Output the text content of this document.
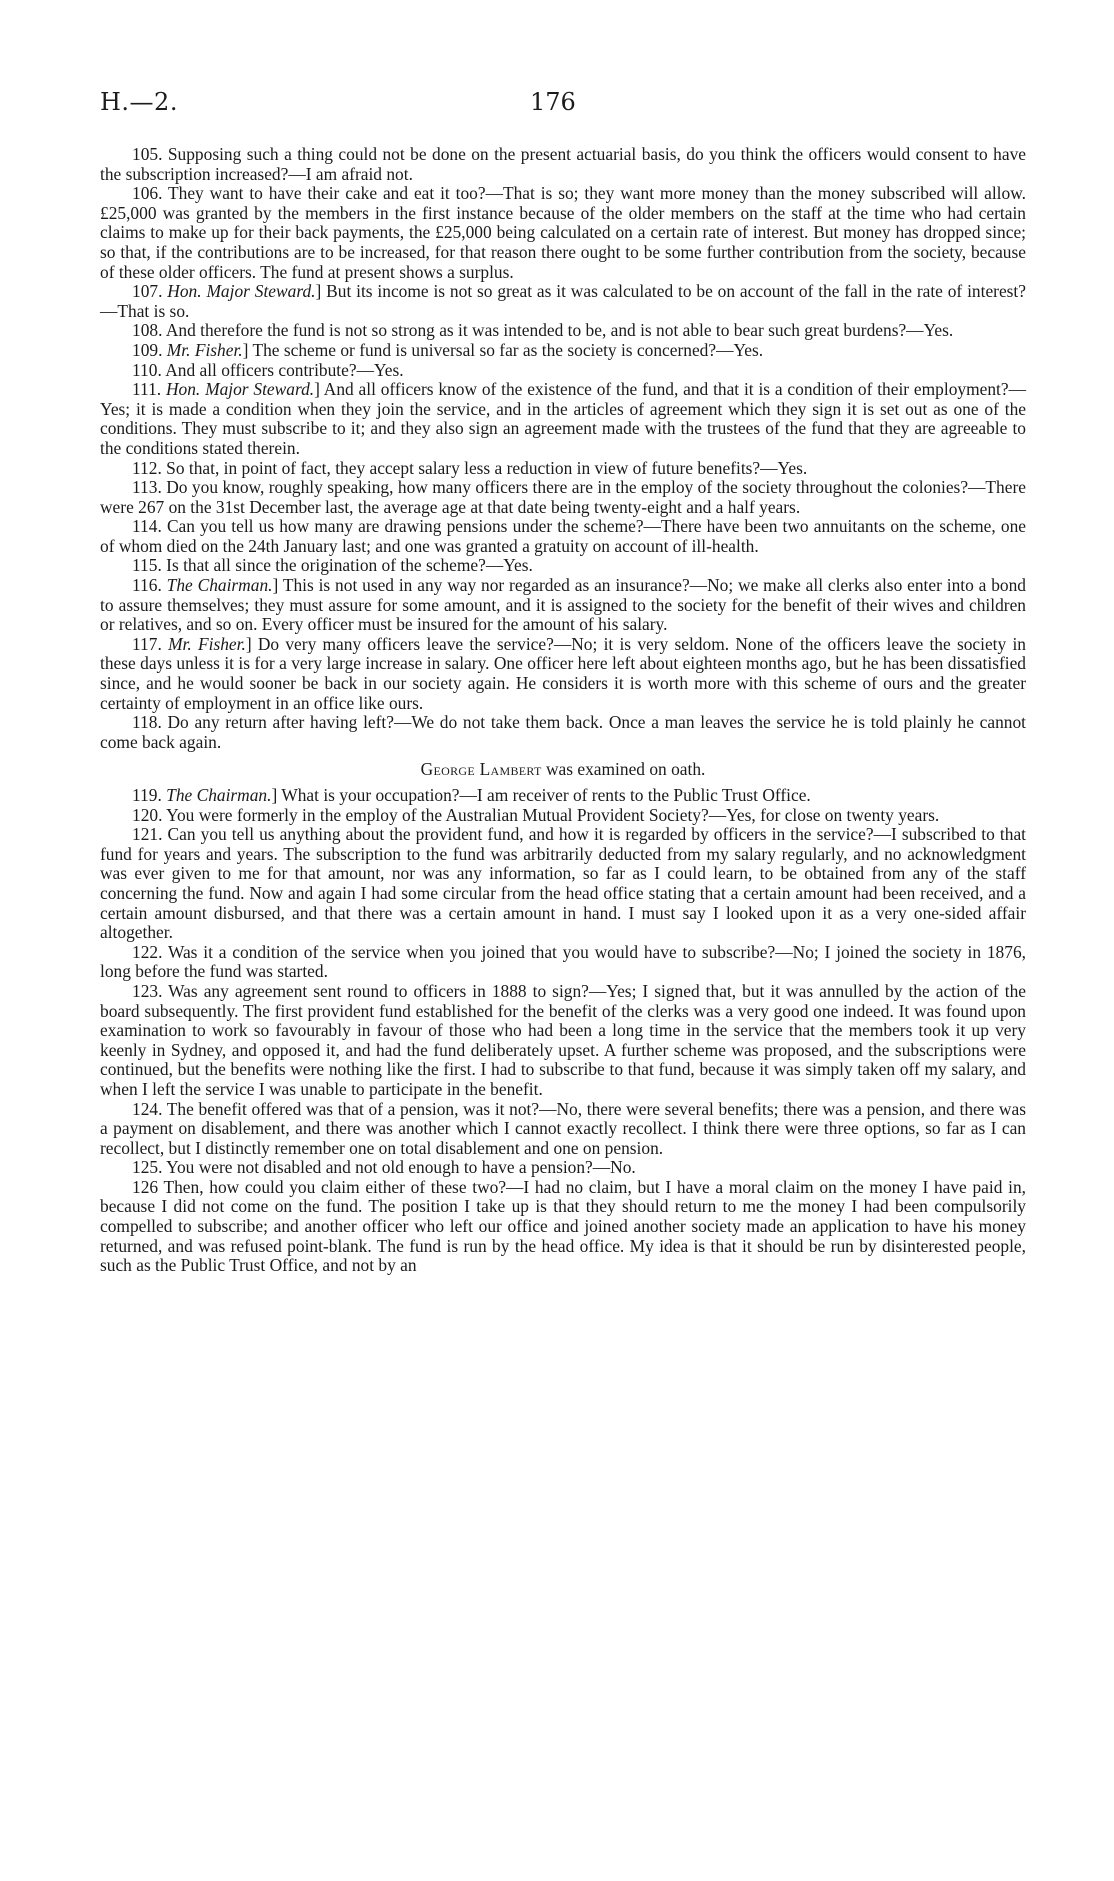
H.—2.	176

105. Supposing such a thing could not be done on the present actuarial basis, do you think the officers would consent to have the subscription increased?—I am afraid not.

106. They want to have their cake and eat it too?—That is so; they want more money than the money subscribed will allow. £25,000 was granted by the members in the first instance because of the older members on the staff at the time who had certain claims to make up for their back payments, the £25,000 being calculated on a certain rate of interest. But money has dropped since; so that, if the contributions are to be increased, for that reason there ought to be some further contribution from the society, because of these older officers. The fund at present shows a surplus.

107. Hon. Major Steward.] But its income is not so great as it was calculated to be on account of the fall in the rate of interest?—That is so.

108. And therefore the fund is not so strong as it was intended to be, and is not able to bear such great burdens?—Yes.

109. Mr. Fisher.] The scheme or fund is universal so far as the society is concerned?—Yes.

110. And all officers contribute?—Yes.

111. Hon. Major Steward.] And all officers know of the existence of the fund, and that it is a condition of their employment?—Yes; it is made a condition when they join the service, and in the articles of agreement which they sign it is set out as one of the conditions. They must subscribe to it; and they also sign an agreement made with the trustees of the fund that they are agreeable to the conditions stated therein.

112. So that, in point of fact, they accept salary less a reduction in view of future benefits?—Yes.

113. Do you know, roughly speaking, how many officers there are in the employ of the society throughout the colonies?—There were 267 on the 31st December last, the average age at that date being twenty-eight and a half years.

114. Can you tell us how many are drawing pensions under the scheme?—There have been two annuitants on the scheme, one of whom died on the 24th January last; and one was granted a gratuity on account of ill-health.

115. Is that all since the origination of the scheme?—Yes.

116. The Chairman.] This is not used in any way nor regarded as an insurance?—No; we make all clerks also enter into a bond to assure themselves; they must assure for some amount, and it is assigned to the society for the benefit of their wives and children or relatives, and so on. Every officer must be insured for the amount of his salary.

117. Mr. Fisher.] Do very many officers leave the service?—No; it is very seldom. None of the officers leave the society in these days unless it is for a very large increase in salary. One officer here left about eighteen months ago, but he has been dissatisfied since, and he would sooner be back in our society again. He considers it is worth more with this scheme of ours and the greater certainty of employment in an office like ours.

118. Do any return after having left?—We do not take them back. Once a man leaves the service he is told plainly he cannot come back again.

George Lambert was examined on oath.

119. The Chairman.] What is your occupation?—I am receiver of rents to the Public Trust Office.

120. You were formerly in the employ of the Australian Mutual Provident Society?—Yes, for close on twenty years.

121. Can you tell us anything about the provident fund, and how it is regarded by officers in the service?—I subscribed to that fund for years and years. The subscription to the fund was arbitrarily deducted from my salary regularly, and no acknowledgment was ever given to me for that amount, nor was any information, so far as I could learn, to be obtained from any of the staff concerning the fund. Now and again I had some circular from the head office stating that a certain amount had been received, and a certain amount disbursed, and that there was a certain amount in hand. I must say I looked upon it as a very one-sided affair altogether.

122. Was it a condition of the service when you joined that you would have to subscribe?—No; I joined the society in 1876, long before the fund was started.

123. Was any agreement sent round to officers in 1888 to sign?—Yes; I signed that, but it was annulled by the action of the board subsequently. The first provident fund established for the benefit of the clerks was a very good one indeed. It was found upon examination to work so favourably in favour of those who had been a long time in the service that the members took it up very keenly in Sydney, and opposed it, and had the fund deliberately upset. A further scheme was proposed, and the subscriptions were continued, but the benefits were nothing like the first. I had to subscribe to that fund, because it was simply taken off my salary, and when I left the service I was unable to participate in the benefit.

124. The benefit offered was that of a pension, was it not?—No, there were several benefits; there was a pension, and there was a payment on disablement, and there was another which I cannot exactly recollect. I think there were three options, so far as I can recollect, but I distinctly remember one on total disablement and one on pension.

125. You were not disabled and not old enough to have a pension?—No.

126 Then, how could you claim either of these two?—I had no claim, but I have a moral claim on the money I have paid in, because I did not come on the fund. The position I take up is that they should return to me the money I had been compulsorily compelled to subscribe; and another officer who left our office and joined another society made an application to have his money returned, and was refused point-blank. The fund is run by the head office. My idea is that it should be run by disinterested people, such as the Public Trust Office, and not by an
